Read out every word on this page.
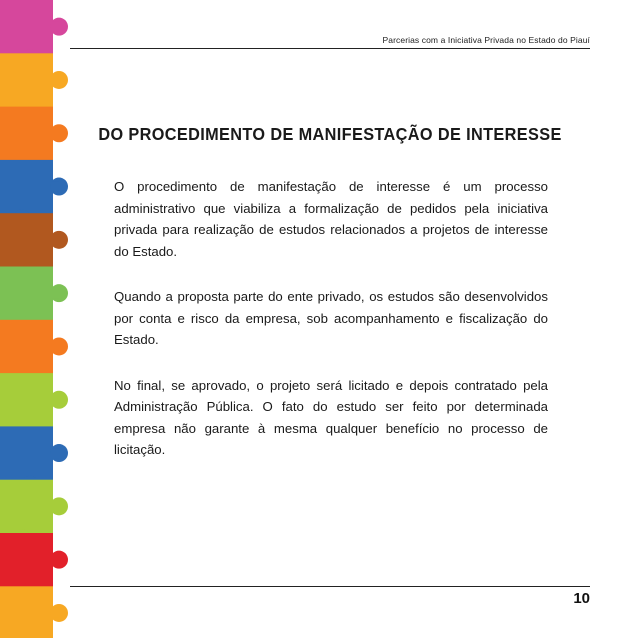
Parcerias com a Iniciativa Privada no Estado do Piauí
DO PROCEDIMENTO DE MANIFESTAÇÃO DE INTERESSE

O procedimento de manifestação de interesse é um processo administrativo que viabiliza a formalização de pedidos pela iniciativa privada para realização de estudos relacionados a projetos de interesse do Estado.

Quando a proposta parte do ente privado, os estudos são desenvolvidos por conta e risco da empresa, sob acompanhamento e fiscalização do Estado.

No final, se aprovado, o projeto será licitado e depois contratado pela Administração Pública. O fato do estudo ser feito por determinada empresa não garante à mesma qualquer benefício no processo de licitação.

10
